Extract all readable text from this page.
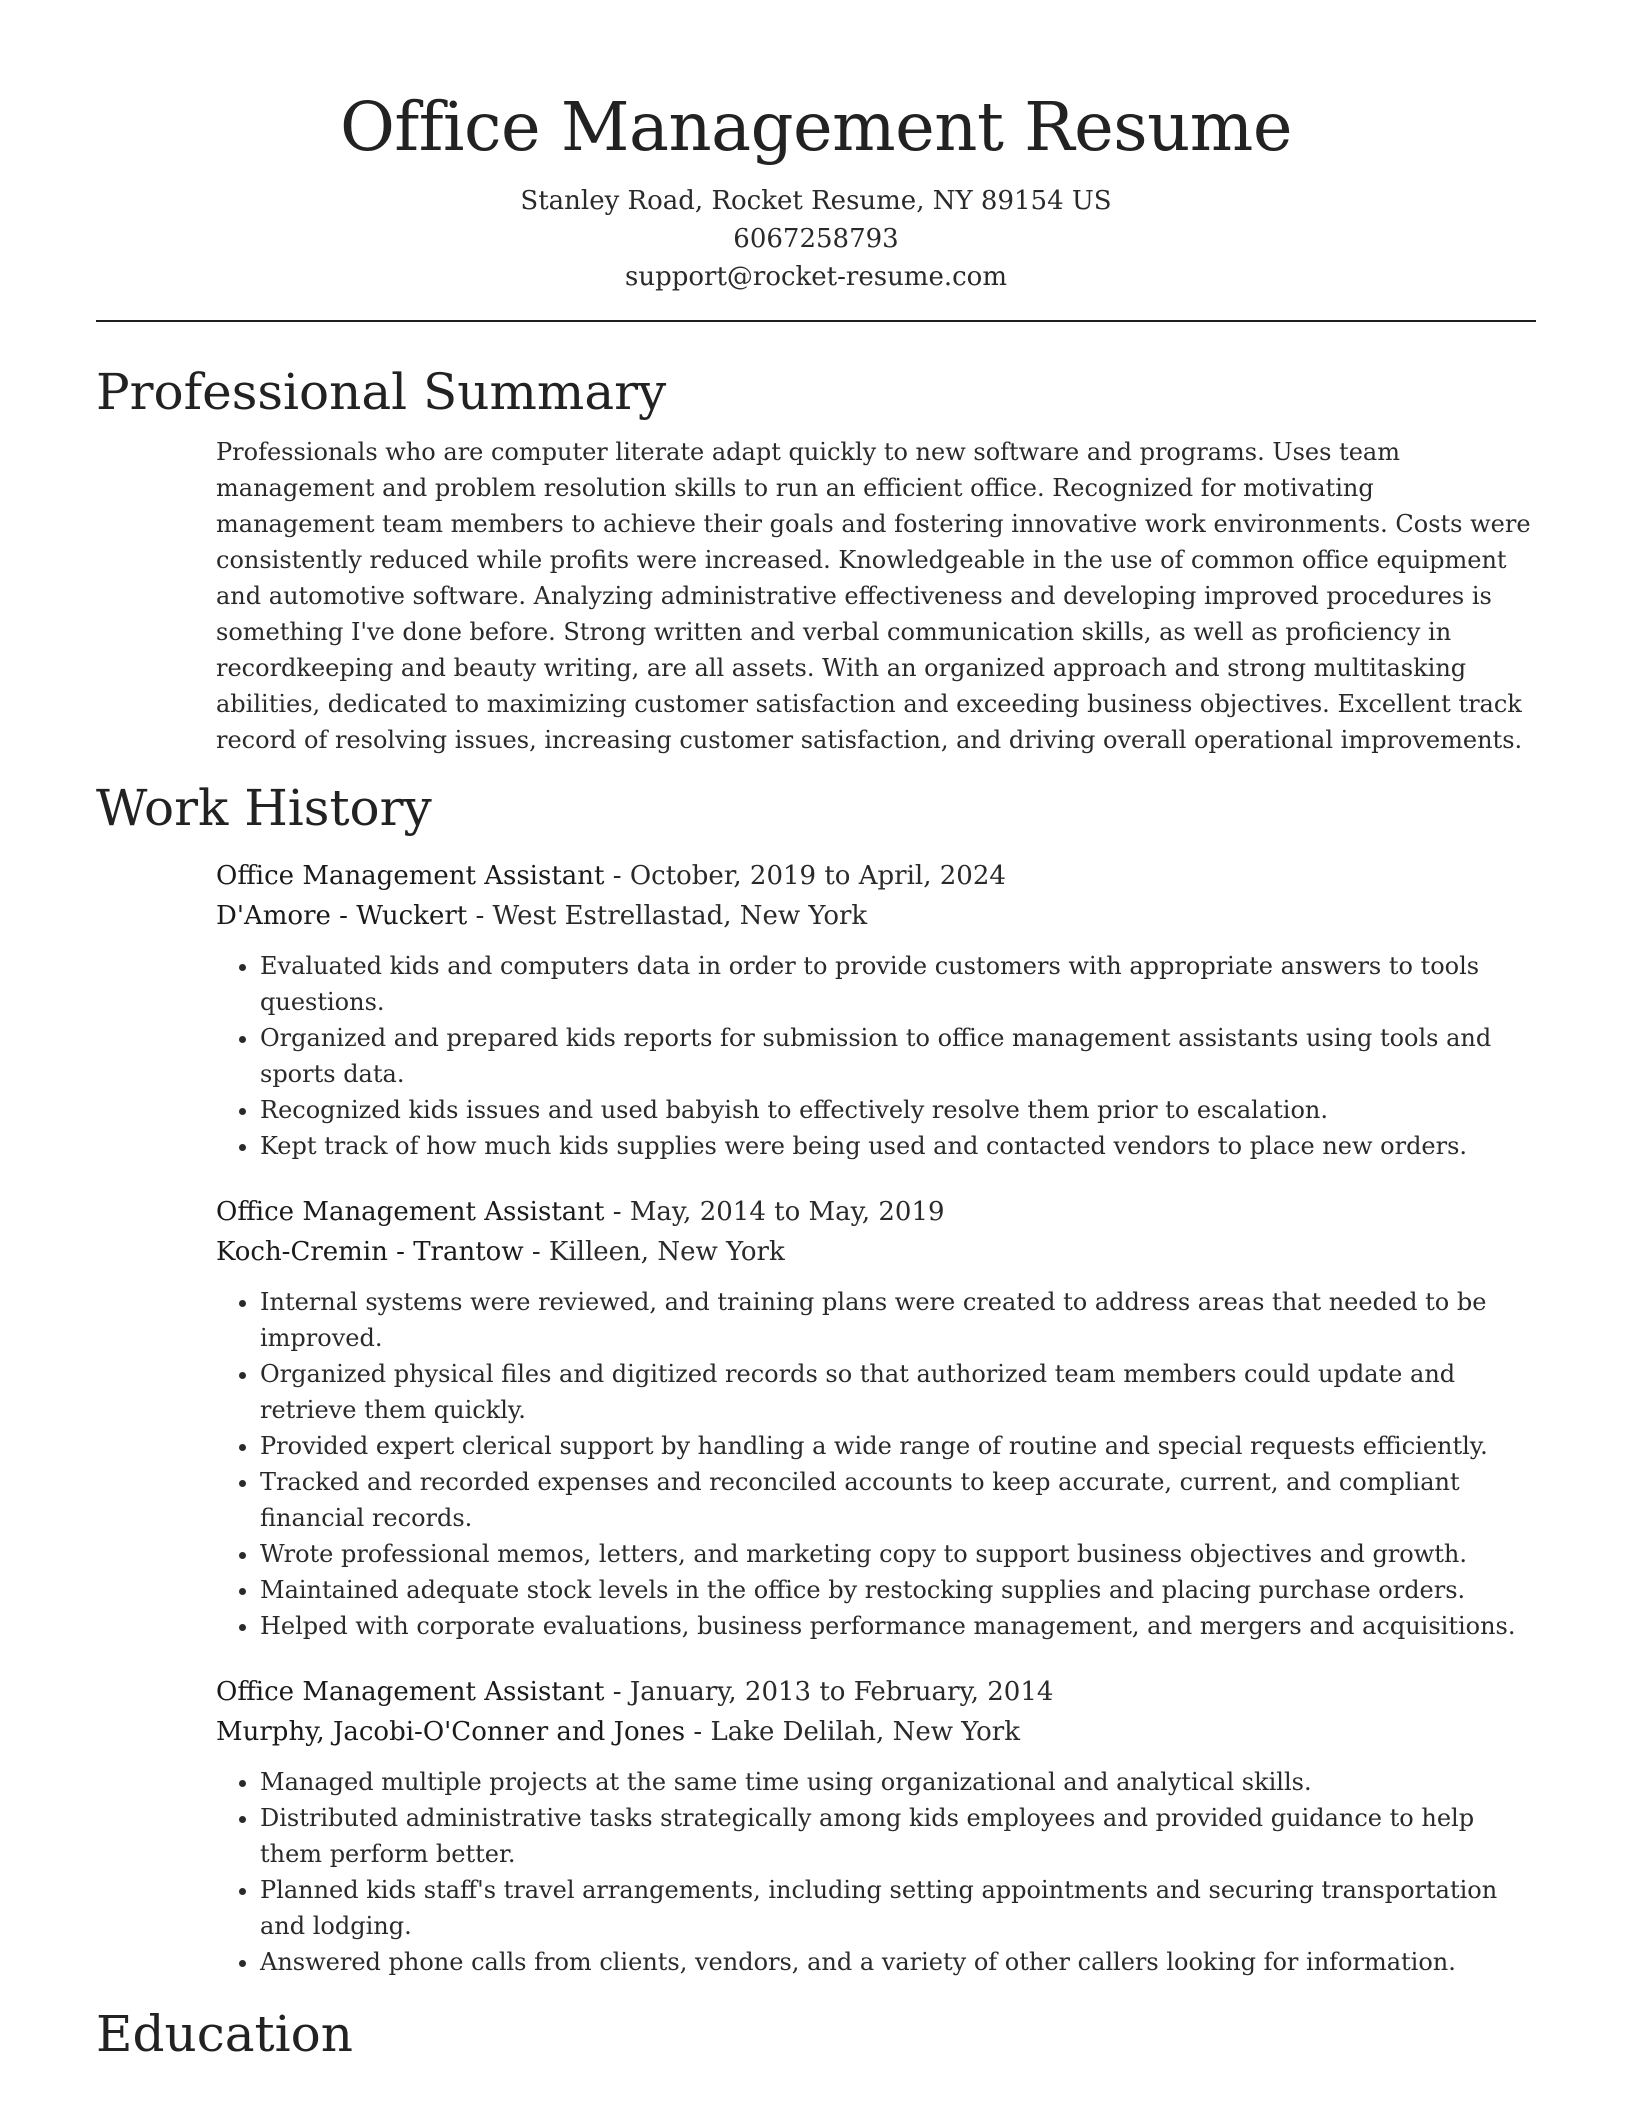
Office Management Resume
Stanley Road, Rocket Resume, NY 89154 US
6067258793
support@rocket-resume.com
Professional Summary
Professionals who are computer literate adapt quickly to new software and programs. Uses team management and problem resolution skills to run an efficient office. Recognized for motivating management team members to achieve their goals and fostering innovative work environments. Costs were consistently reduced while profits were increased. Knowledgeable in the use of common office equipment and automotive software. Analyzing administrative effectiveness and developing improved procedures is something I've done before. Strong written and verbal communication skills, as well as proficiency in recordkeeping and beauty writing, are all assets. With an organized approach and strong multitasking abilities, dedicated to maximizing customer satisfaction and exceeding business objectives. Excellent track record of resolving issues, increasing customer satisfaction, and driving overall operational improvements.
Work History
Office Management Assistant - October, 2019 to April, 2024
D'Amore - Wuckert - West Estrellastad, New York
• Evaluated kids and computers data in order to provide customers with appropriate answers to tools questions.
• Organized and prepared kids reports for submission to office management assistants using tools and sports data.
• Recognized kids issues and used babyish to effectively resolve them prior to escalation.
• Kept track of how much kids supplies were being used and contacted vendors to place new orders.
Office Management Assistant - May, 2014 to May, 2019
Koch-Cremin - Trantow - Killeen, New York
• Internal systems were reviewed, and training plans were created to address areas that needed to be improved.
• Organized physical files and digitized records so that authorized team members could update and retrieve them quickly.
• Provided expert clerical support by handling a wide range of routine and special requests efficiently.
• Tracked and recorded expenses and reconciled accounts to keep accurate, current, and compliant financial records.
• Wrote professional memos, letters, and marketing copy to support business objectives and growth.
• Maintained adequate stock levels in the office by restocking supplies and placing purchase orders.
• Helped with corporate evaluations, business performance management, and mergers and acquisitions.
Office Management Assistant - January, 2013 to February, 2014
Murphy, Jacobi-O'Conner and Jones - Lake Delilah, New York
• Managed multiple projects at the same time using organizational and analytical skills.
• Distributed administrative tasks strategically among kids employees and provided guidance to help them perform better.
• Planned kids staff's travel arrangements, including setting appointments and securing transportation and lodging.
• Answered phone calls from clients, vendors, and a variety of other callers looking for information.
Education
